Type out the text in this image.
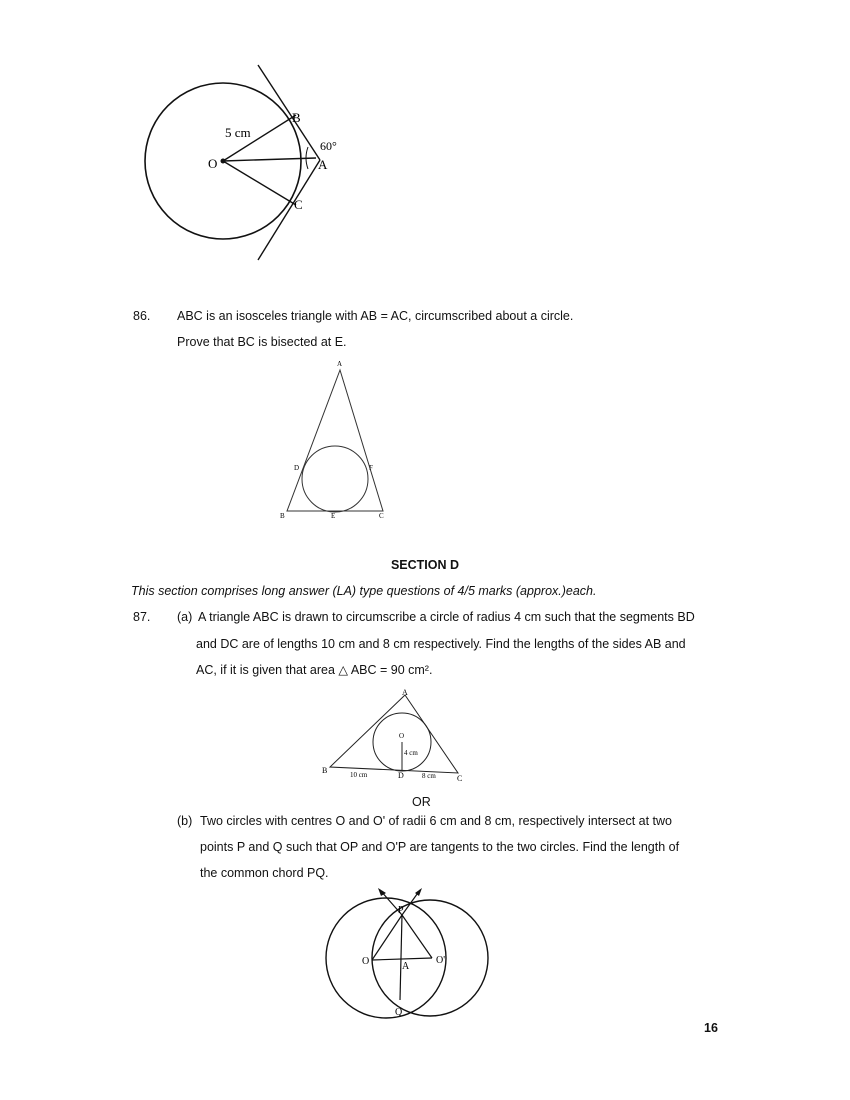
B
5 cm
60°
O	A
C
86. ABC is an isosceles triangle with AB = AC, circumscribed about a circle.
Prove that BC is bisected at E.
A
D	F
B	E	C
SECTION D
This section comprises long answer (LA) type questions of 4/5 marks (approx.)each.
87. (a) A triangle ABC is drawn to circumscribe a circle of radius 4 cm such that the segments BD
and DC are of lengths 10 cm and 8 cm respectively. Find the lengths of the sides AB and
AC, if it is given that area △ ABC = 90 cm².
A
O
4 cm
B	10 cm	D	8 cm	C
OR
(b) Two circles with centres O and O' of radii 6 cm and 8 cm, respectively intersect at two
points P and Q such that OP and O'P are tangents to the two circles. Find the length of
the common chord PQ.
P
O	A
O'
Q
16
